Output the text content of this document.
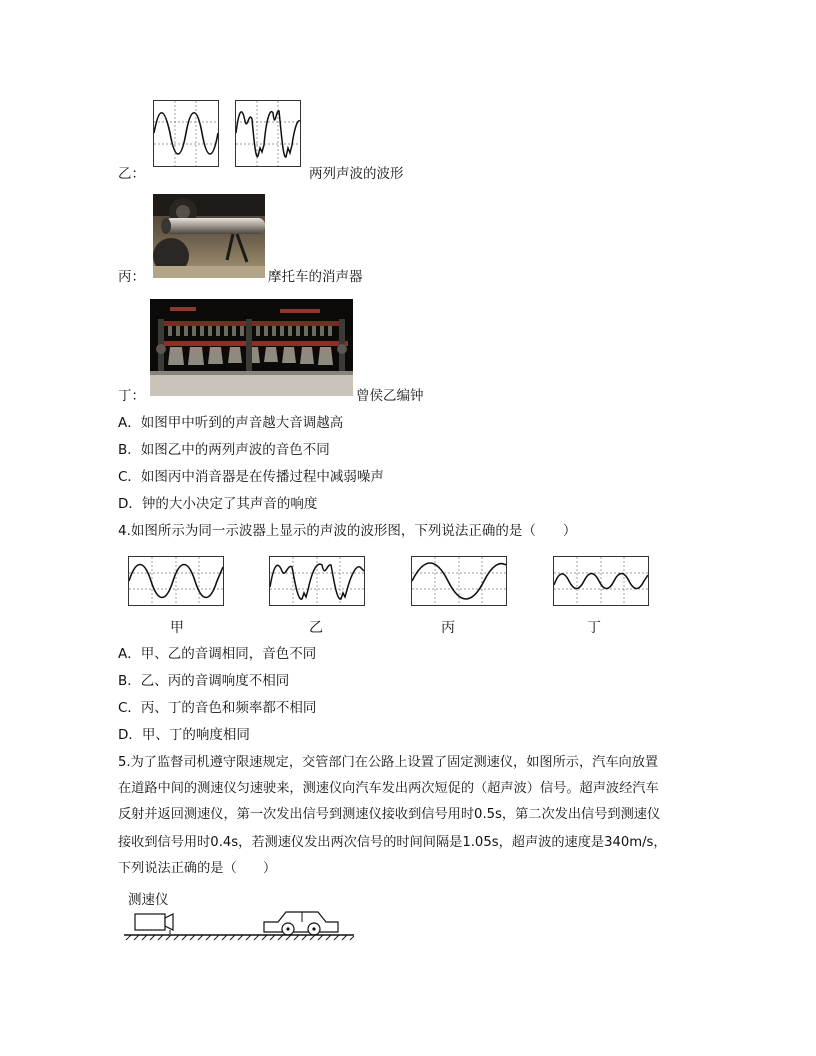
乙：	两列声波的波形
丙：	摩托车的消声器
丁：	曾侯乙编钟
A．如图甲中听到的声音越大音调越高
B．如图乙中的两列声波的音色不同
C．如图丙中消音器是在传播过程中减弱噪声
D．钟的大小决定了其声音的响度
4.如图所示为同一示波器上显示的声波的波形图，下列说法正确的是（　　）
甲	乙	丙	丁
A．甲、乙的音调相同，音色不同
B．乙、丙的音调响度不相同
C．丙、丁的音色和频率都不相同
D．甲、丁的响度相同
5.为了监督司机遵守限速规定，交管部门在公路上设置了固定测速仪，如图所示，汽车向放置
在道路中间的测速仪匀速驶来，测速仪向汽车发出两次短促的（超声波）信号。超声波经汽车
反射并返回测速仪，第一次发出信号到测速仪接收到信号用时0.5s，第二次发出信号到测速仪
接收到信号用时0.4s，若测速仪发出两次信号的时间间隔是1.05s，超声波的速度是340m/s，
下列说法正确的是（　　）
测速仪
